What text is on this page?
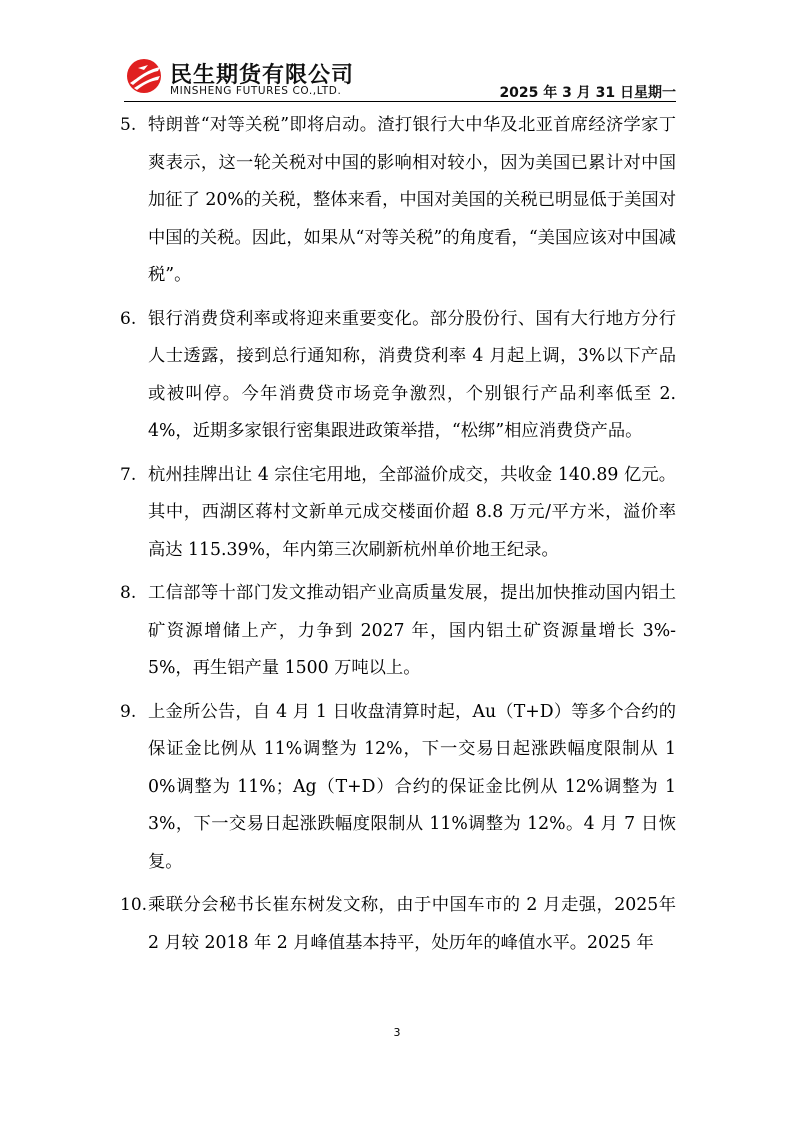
民生期货有限公司
MINSHENG FUTURES CO.,LTD.	2025 年 3 月 31 日星期一
5. 特朗普“对等关税”即将启动。渣打银行大中华及北亚首席经济学家丁爽表示，这一轮关税对中国的影响相对较小，因为美国已累计对中国加征了 20%的关税，整体来看，中国对美国的关税已明显低于美国对中国的关税。因此，如果从“对等关税”的角度看，“美国应该对中国减税”。

6. 银行消费贷利率或将迎来重要变化。部分股份行、国有大行地方分行人士透露，接到总行通知称，消费贷利率 4 月起上调，3%以下产品或被叫停。今年消费贷市场竞争激烈，个别银行产品利率低至 2.4%，近期多家银行密集跟进政策举措，“松绑”相应消费贷产品。

7. 杭州挂牌出让 4 宗住宅用地，全部溢价成交，共收金 140.89 亿元。其中，西湖区蒋村文新单元成交楼面价超 8.8 万元/平方米，溢价率高达 115.39%，年内第三次刷新杭州单价地王纪录。

8. 工信部等十部门发文推动铝产业高质量发展，提出加快推动国内铝土矿资源增储上产，力争到 2027 年，国内铝土矿资源量增长 3%-5%，再生铝产量 1500 万吨以上。

9. 上金所公告，自 4 月 1 日收盘清算时起，Au（T+D）等多个合约的保证金比例从 11%调整为 12%，下一交易日起涨跌幅度限制从 10%调整为 11%；Ag（T+D）合约的保证金比例从 12%调整为 13%，下一交易日起涨跌幅度限制从 11%调整为 12%。4 月 7 日恢复。

10. 乘联分会秘书长崔东树发文称，由于中国车市的 2 月走强，2025年 2 月较 2018 年 2 月峰值基本持平，处历年的峰值水平。2025 年

3
